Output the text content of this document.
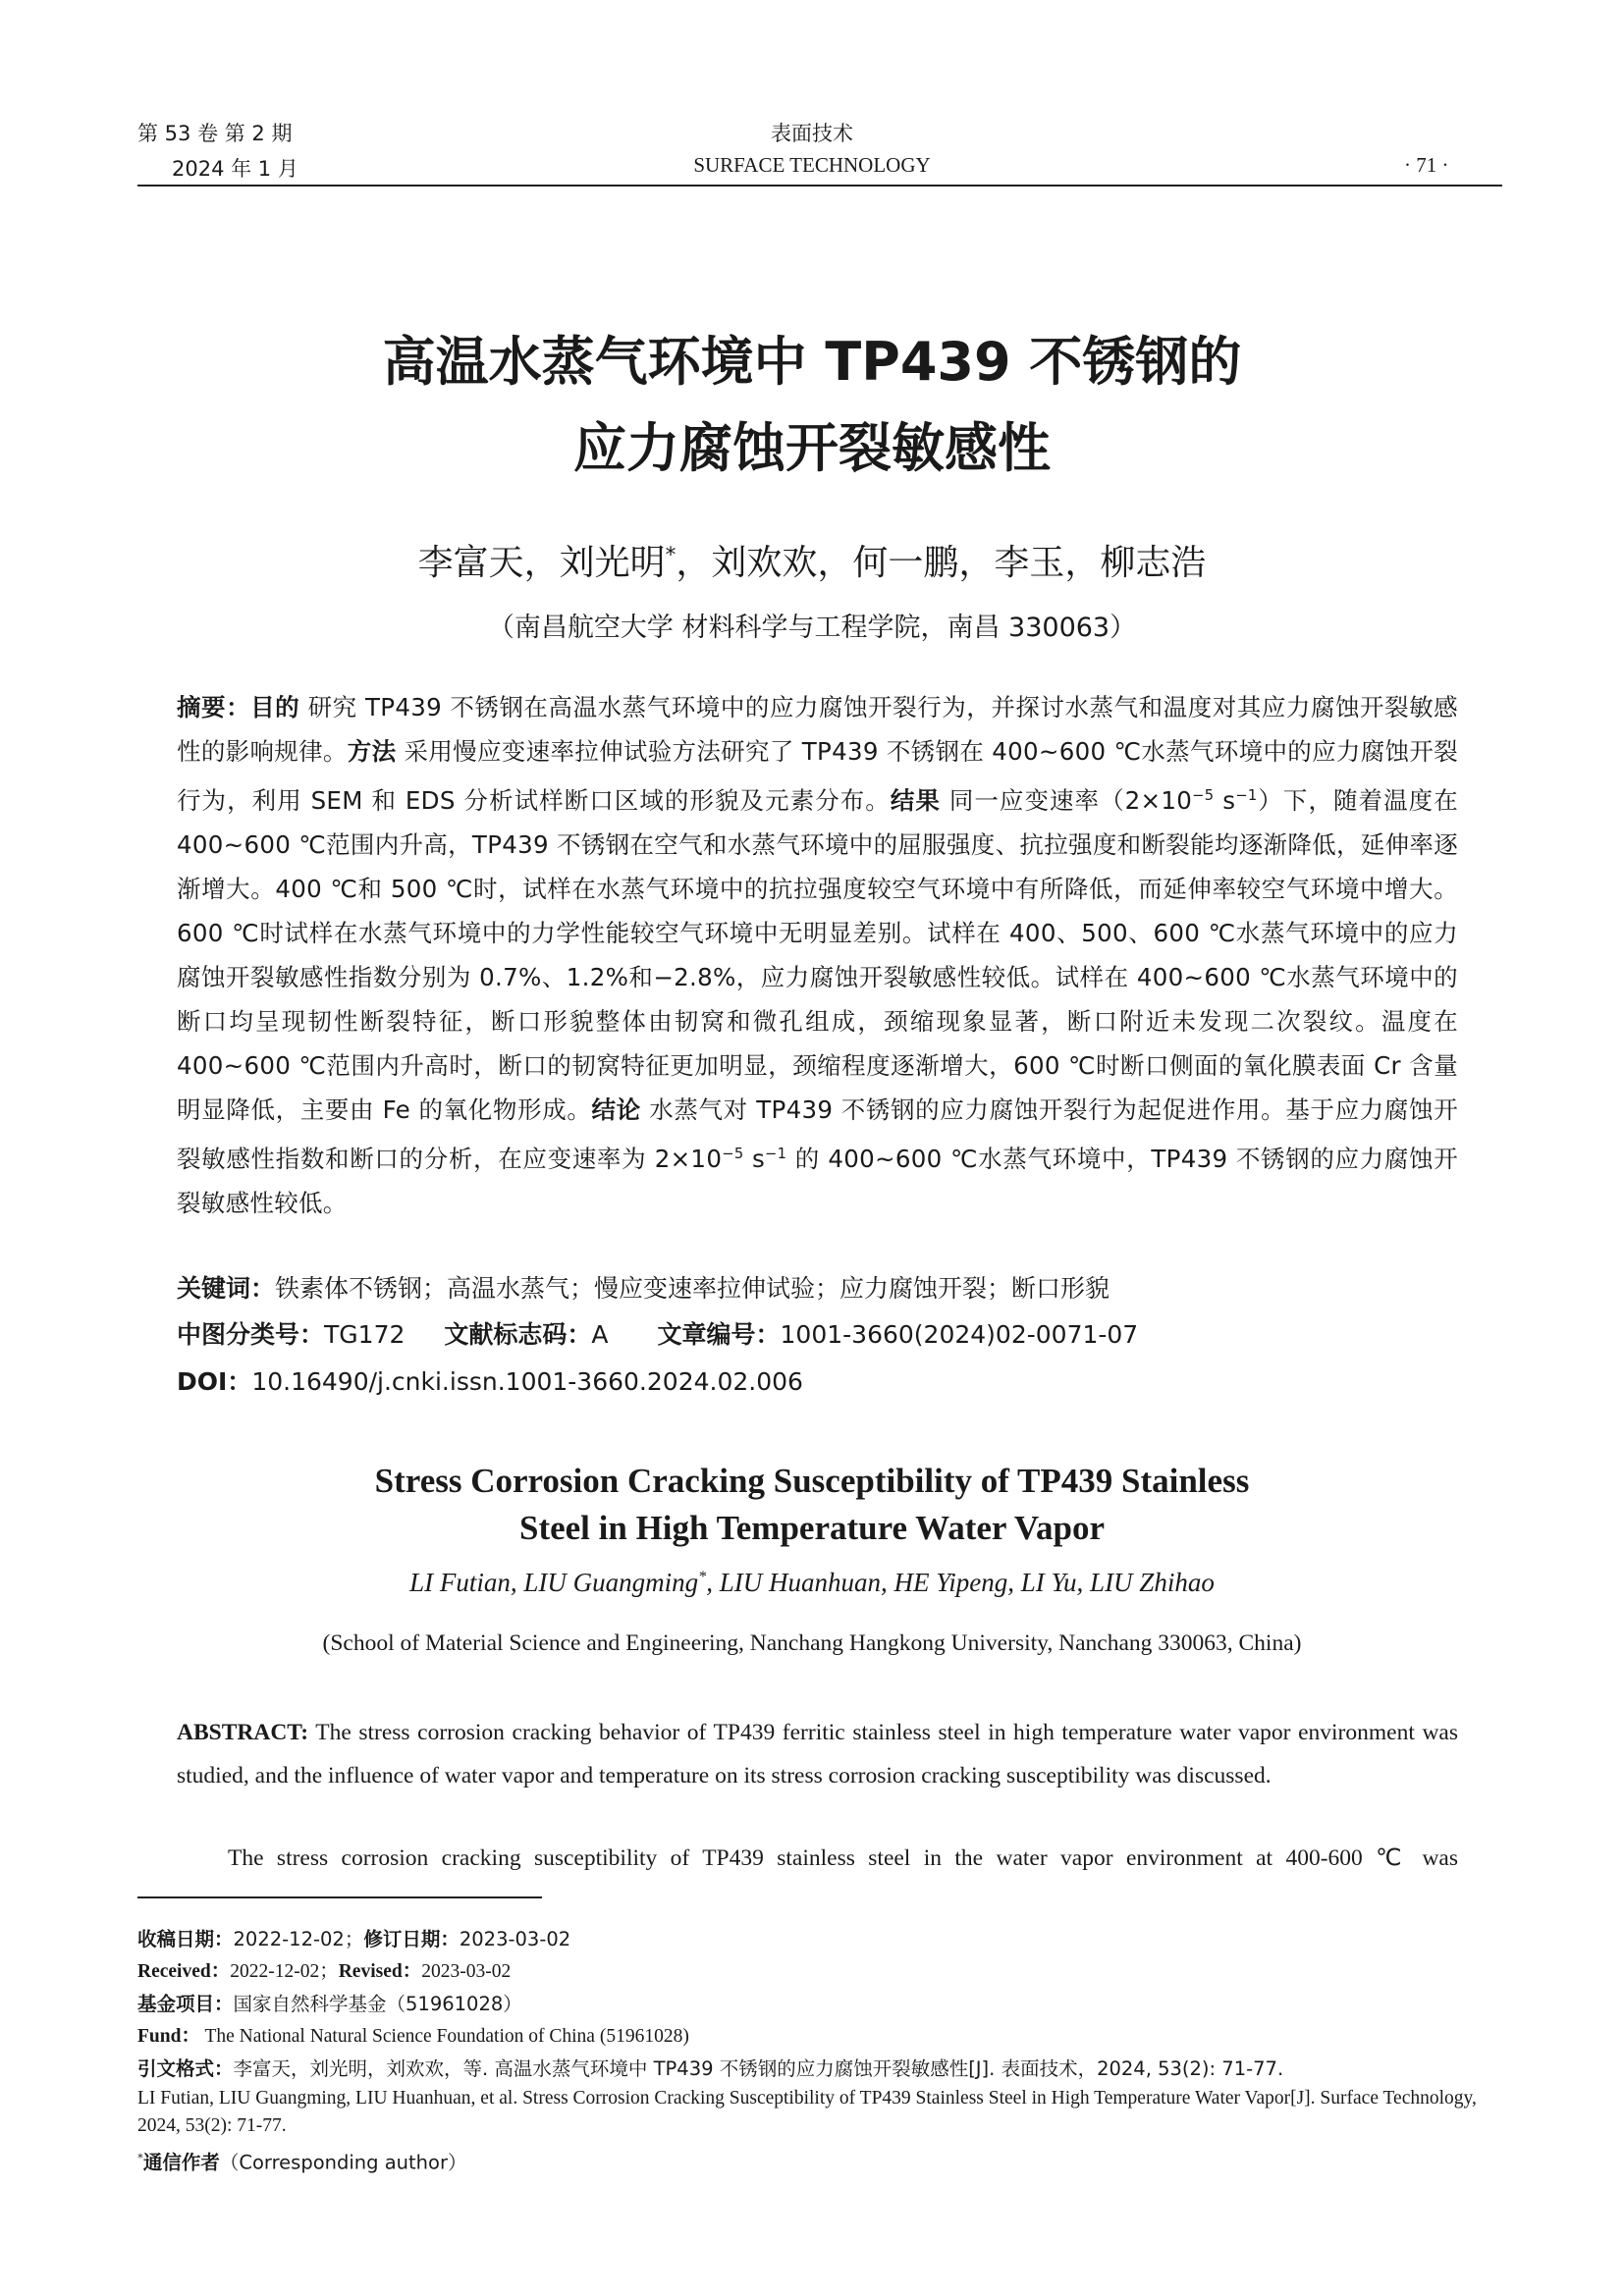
第 53 卷 第 2 期
2024 年 1 月
表面技术
SURFACE TECHNOLOGY	· 71 ·
高温水蒸气环境中 TP439 不锈钢的
应力腐蚀开裂敏感性
李富天，刘光明*，刘欢欢，何一鹏，李玉，柳志浩
（南昌航空大学 材料科学与工程学院，南昌 330063）
摘要：目的 研究 TP439 不锈钢在高温水蒸气环境中的应力腐蚀开裂行为，并探讨水蒸气和温度对其应力腐蚀开裂敏感性的影响规律。方法 采用慢应变速率拉伸试验方法研究了 TP439 不锈钢在 400~600 ℃水蒸气环境中的应力腐蚀开裂行为，利用 SEM 和 EDS 分析试样断口区域的形貌及元素分布。结果 同一应变速率（$2\times 10^{-5}$ $s^{-1}$）下，随着温度在 400~600 ℃范围内升高，TP439 不锈钢在空气和水蒸气环境中的屈服强度、抗拉强度和断裂能均逐渐降低，延伸率逐渐增大。400 ℃和 500 ℃时，试样在水蒸气环境中的抗拉强度较空气环境中有所降低，而延伸率较空气环境中增大。600 ℃时试样在水蒸气环境中的力学性能较空气环境中无明显差别。试样在 400、500、600 ℃水蒸气环境中的应力腐蚀开裂敏感性指数分别为 0.7%、1.2%和−2.8%，应力腐蚀开裂敏感性较低。试样在 400~600 ℃水蒸气环境中的断口均呈现韧性断裂特征，断口形貌整体由韧窝和微孔组成，颈缩现象显著，断口附近未发现二次裂纹。温度在 400~600 ℃范围内升高时，断口的韧窝特征更加明显，颈缩程度逐渐增大，600 ℃时断口侧面的氧化膜表面 Cr 含量明显降低，主要由 Fe 的氧化物形成。结论 水蒸气对 TP439 不锈钢的应力腐蚀开裂行为起促进作用。基于应力腐蚀开裂敏感性指数和断口的分析，在应变速率为 $2\times 10^{-5}$ $s^{-1}$ 的 400~600 ℃水蒸气环境中，TP439 不锈钢的应力腐蚀开裂敏感性较低。
关键词：铁素体不锈钢；高温水蒸气；慢应变速率拉伸试验；应力腐蚀开裂；断口形貌
中图分类号：TG172 文献标志码：A 文章编号：1001-3660(2024)02-0071-07
DOI：10.16490/j.cnki.issn.1001-3660.2024.02.006
Stress Corrosion Cracking Susceptibility of TP439 Stainless
Steel in High Temperature Water Vapor
LI Futian, LIU Guangming*, LIU Huanhuan, HE Yipeng, LI Yu, LIU Zhihao
(School of Material Science and Engineering, Nanchang Hangkong University, Nanchang 330063, China)
ABSTRACT: The stress corrosion cracking behavior of TP439 ferritic stainless steel in high temperature water vapor environment was studied, and the influence of water vapor and temperature on its stress corrosion cracking susceptibility was discussed.
The stress corrosion cracking susceptibility of TP439 stainless steel in the water vapor environment at 400-600 ℃ was
收稿日期：2022-12-02；修订日期：2023-03-02
Received：2022-12-02；Revised：2023-03-02
基金项目：国家自然科学基金（51961028）
Fund： The National Natural Science Foundation of China (51961028)
引文格式：李富天，刘光明，刘欢欢，等. 高温水蒸气环境中 TP439 不锈钢的应力腐蚀开裂敏感性[J]. 表面技术，2024, 53(2): 71-77.
LI Futian, LIU Guangming, LIU Huanhuan, et al. Stress Corrosion Cracking Susceptibility of TP439 Stainless Steel in High Temperature Water Vapor[J]. Surface Technology, 2024, 53(2): 71-77.
*通信作者（Corresponding author）
